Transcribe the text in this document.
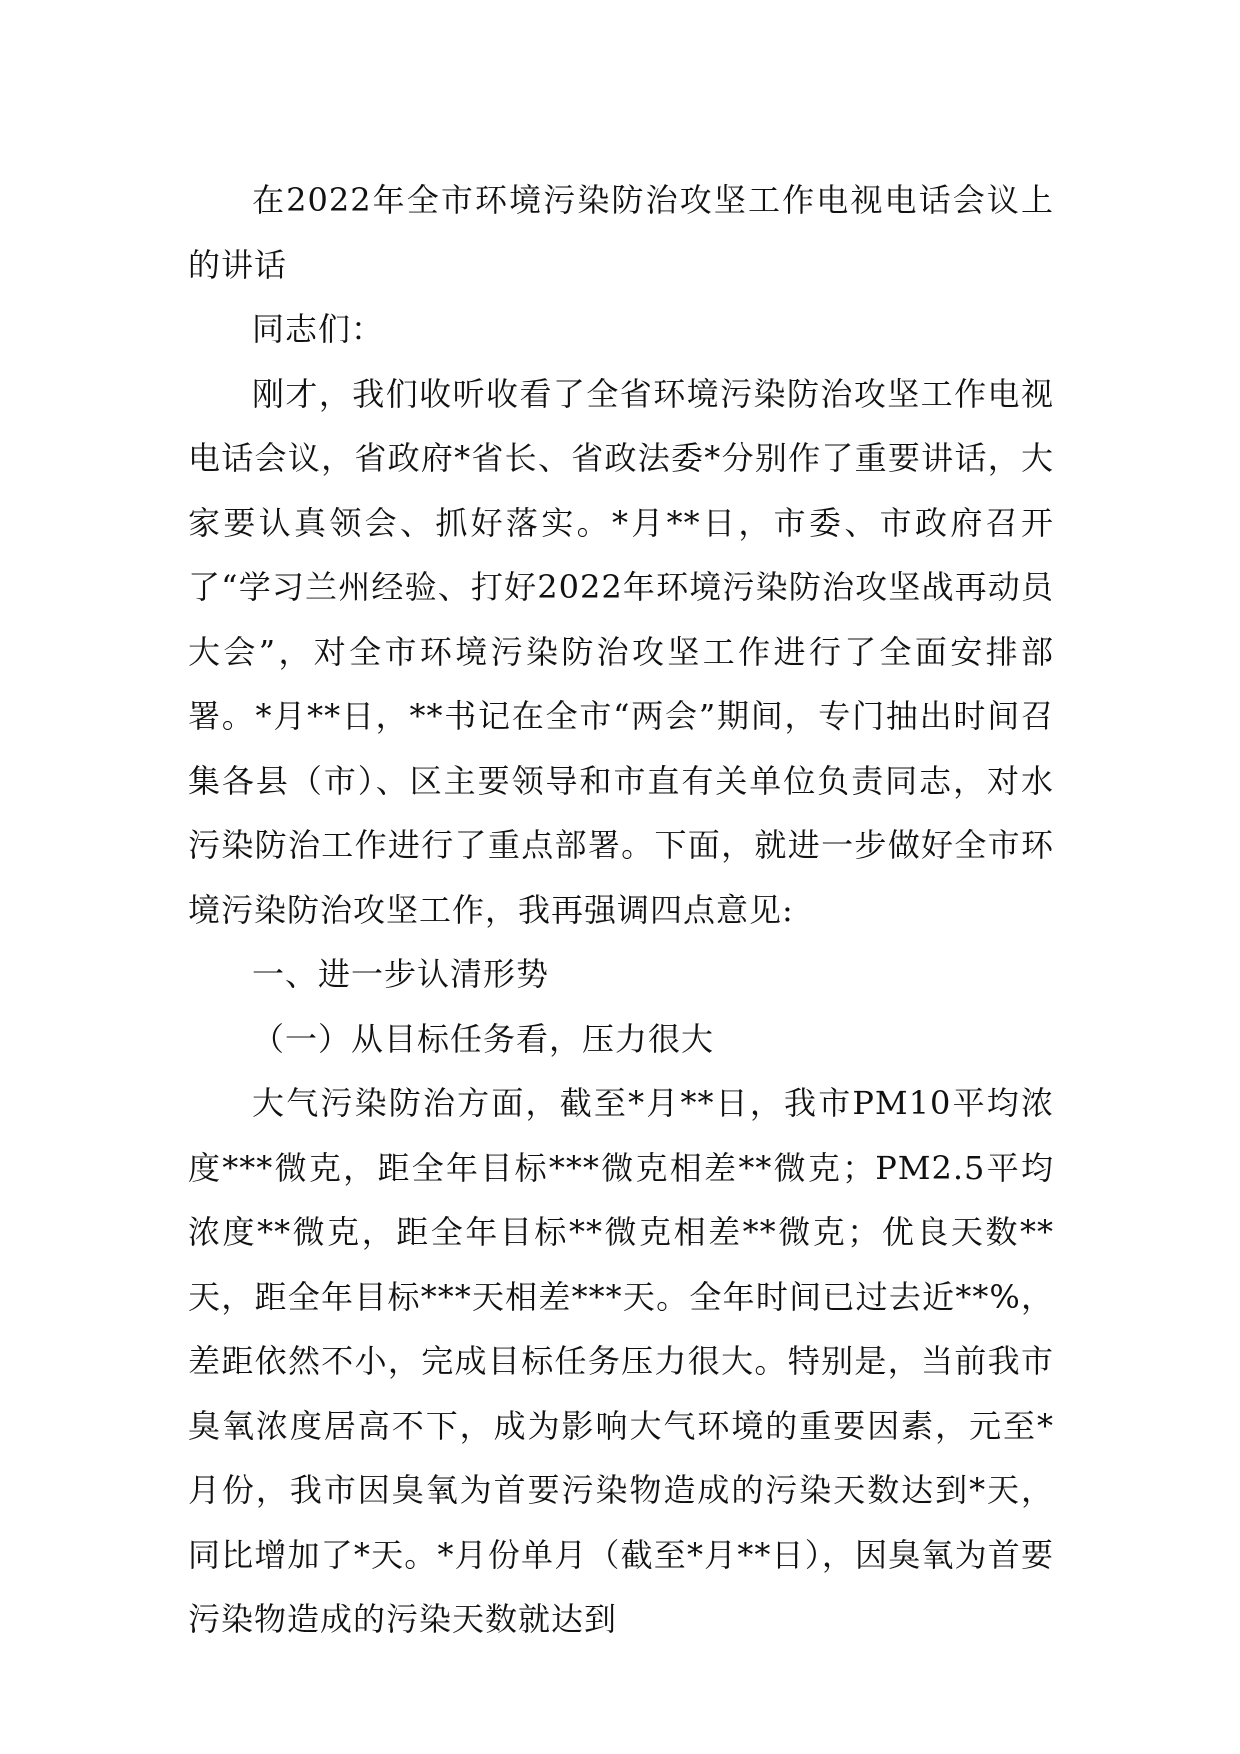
在2022年全市环境污染防治攻坚工作电视电话会议上的讲话

同志们：

刚才，我们收听收看了全省环境污染防治攻坚工作电视电话会议，省政府*省长、省政法委*分别作了重要讲话，大家要认真领会、抓好落实。*月**日，市委、市政府召开了“学习兰州经验、打好2022年环境污染防治攻坚战再动员大会”，对全市环境污染防治攻坚工作进行了全面安排部署。*月**日，**书记在全市“两会”期间，专门抽出时间召集各县（市）、区主要领导和市直有关单位负责同志，对水污染防治工作进行了重点部署。下面，就进一步做好全市环境污染防治攻坚工作，我再强调四点意见:

一、进一步认清形势

（一）从目标任务看，压力很大

大气污染防治方面，截至*月**日，我市PM10平均浓度***微克，距全年目标***微克相差**微克；PM2.5平均浓度**微克，距全年目标**微克相差**微克；优良天数**天，距全年目标***天相差***天。全年时间已过去近**%，差距依然不小，完成目标任务压力很大。特别是，当前我市臭氧浓度居高不下，成为影响大气环境的重要因素，元至*月份，我市因臭氧为首要污染物造成的污染天数达到*天，同比增加了*天。*月份单月（截至*月**日），因臭氧为首要污染物造成的污染天数就达到
